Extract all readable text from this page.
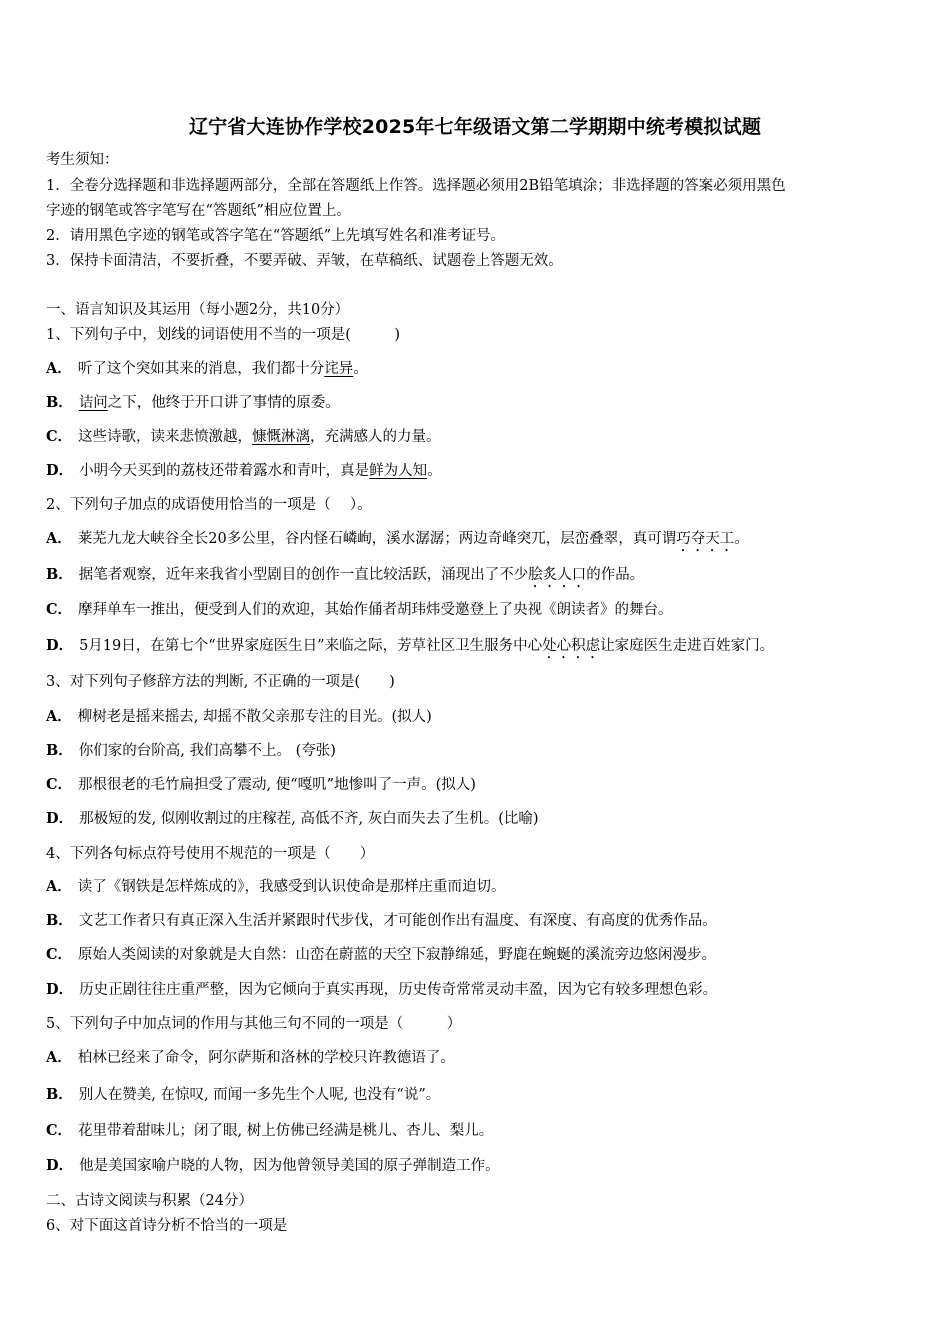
辽宁省大连协作学校2025年七年级语文第二学期期中统考模拟试题
考生须知：
1．全卷分选择题和非选择题两部分，全部在答题纸上作答。选择题必须用2B铅笔填涂；非选择题的答案必须用黑色
字迹的钢笔或答字笔写在“答题纸”相应位置上。
2．请用黑色字迹的钢笔或答字笔在“答题纸”上先填写姓名和准考证号。
3．保持卡面清洁，不要折叠，不要弄破、弄皱，在草稿纸、试题卷上答题无效。
一、语言知识及其运用（每小题2分，共10分）
1、下列句子中，划线的词语使用不当的一项是(　　　)
A． 听了这个突如其来的消息，我们都十分诧异。
B． 诘问之下，他终于开口讲了事情的原委。
C． 这些诗歌，读来悲愤激越，慷慨淋漓，充满感人的力量。
D． 小明今天买到的荔枝还带着露水和青叶，真是鲜为人知。
2、下列句子加点的成语使用恰当的一项是（　 ）。
A． 莱芜九龙大峡谷全长20多公里，谷内怪石嶙峋，溪水潺潺；两边奇峰突兀，层峦叠翠，真可谓巧夺天工。
B． 据笔者观察，近年来我省小型剧目的创作一直比较活跃，涌现出了不少脍炙人口的作品。
C． 摩拜单车一推出，便受到人们的欢迎，其始作俑者胡玮炜受邀登上了央视《朗读者》的舞台。
D． 5月19日，在第七个“世界家庭医生日”来临之际，芳草社区卫生服务中心处心积虑让家庭医生走进百姓家门。
3、对下列句子修辞方法的判断, 不正确的一项是(　　)
A． 柳树老是摇来摇去, 却摇不散父亲那专注的目光。(拟人)
B． 你们家的台阶高, 我们高攀不上。 (夸张)
C． 那根很老的毛竹扁担受了震动, 便“嘎叽”地惨叫了一声。(拟人)
D． 那极短的发, 似刚收割过的庄稼茬, 高低不齐, 灰白而失去了生机。(比喻)
4、下列各句标点符号使用不规范的一项是（　　）
A． 读了《钢铁是怎样炼成的》，我感受到认识使命是那样庄重而迫切。
B． 文艺工作者只有真正深入生活并紧跟时代步伐，才可能创作出有温度、有深度、有高度的优秀作品。
C． 原始人类阅读的对象就是大自然：山峦在蔚蓝的天空下寂静绵延，野鹿在蜿蜒的溪流旁边悠闲漫步。
D． 历史正剧往往庄重严整，因为它倾向于真实再现，历史传奇常常灵动丰盈，因为它有较多理想色彩。
5、下列句子中加点词的作用与其他三句不同的一项是（　　　）
A． 柏林已经来了命令，阿尔萨斯和洛林的学校只许教德语了。
B． 别人在赞美, 在惊叹, 而闻一多先生个人呢, 也没有“说”。
C． 花里带着甜味儿；闭了眼, 树上仿佛已经满是桃儿、杏儿、梨儿。
D． 他是美国家喻户晓的人物，因为他曾领导美国的原子弹制造工作。
二、古诗文阅读与积累（24分）
6、对下面这首诗分析不恰当的一项是
